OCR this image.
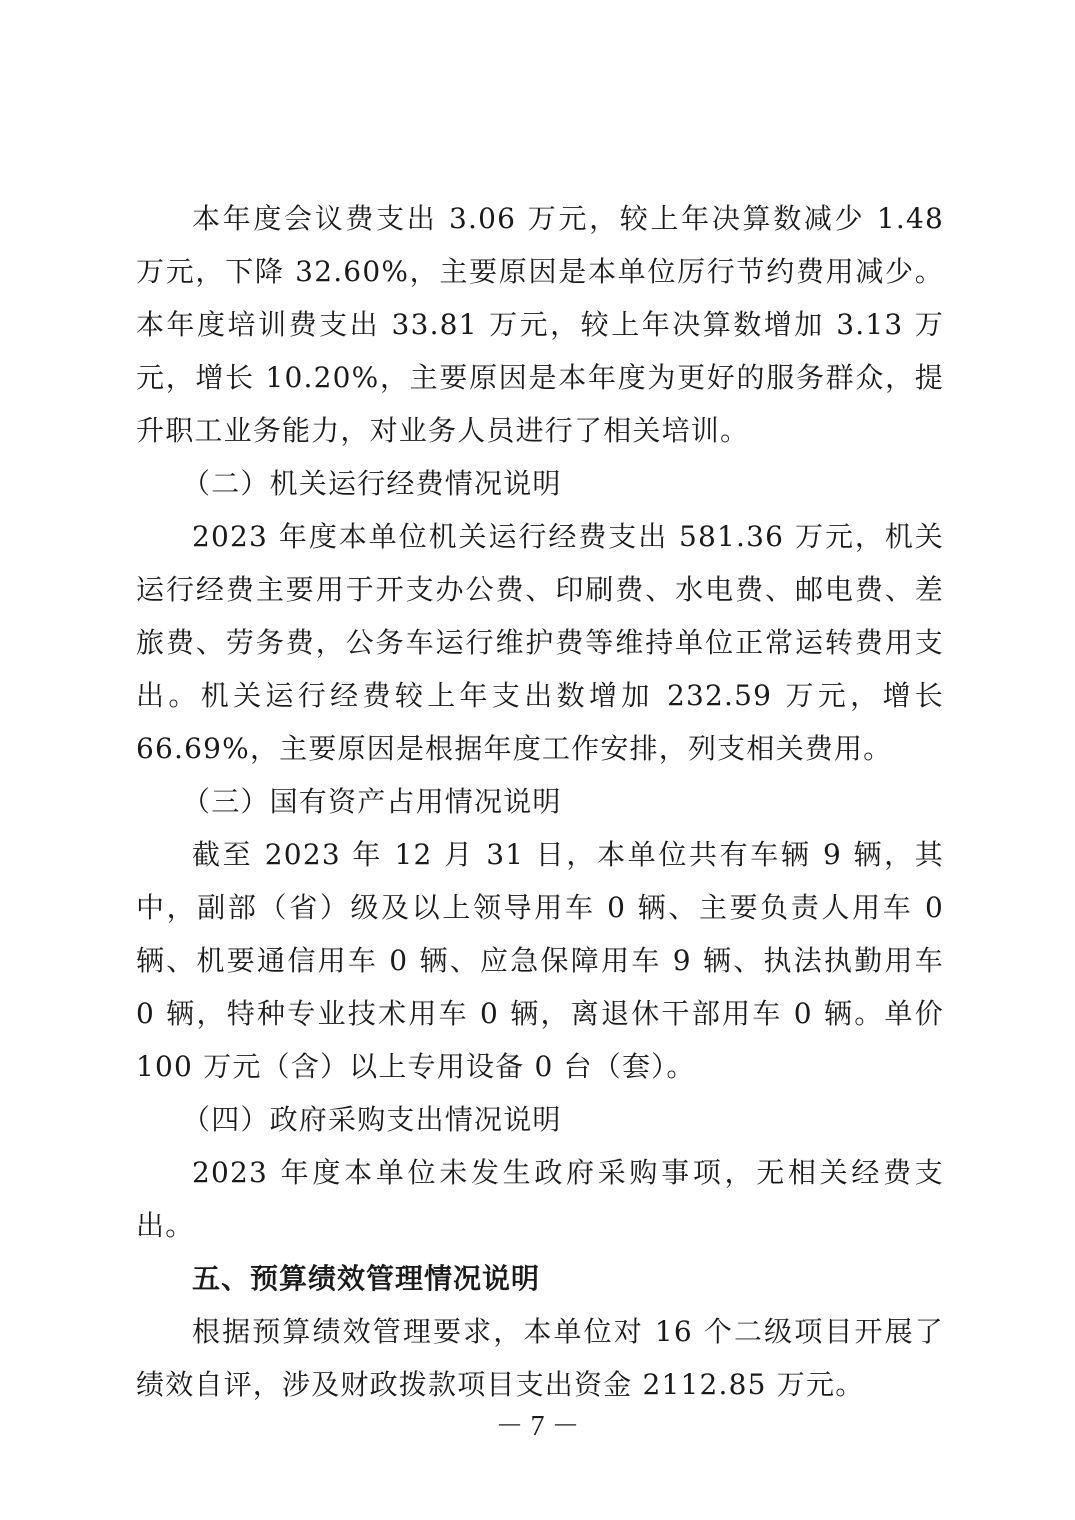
本年度会议费支出 3.06 万元，较上年决算数减少 1.48 万元，下降 32.60%，主要原因是本单位厉行节约费用减少。本年度培训费支出 33.81 万元，较上年决算数增加 3.13 万元，增长 10.20%，主要原因是本年度为更好的服务群众，提升职工业务能力，对业务人员进行了相关培训。

（二）机关运行经费情况说明

2023 年度本单位机关运行经费支出 581.36 万元，机关运行经费主要用于开支办公费、印刷费、水电费、邮电费、差旅费、劳务费，公务车运行维护费等维持单位正常运转费用支出。机关运行经费较上年支出数增加 232.59 万元，增长 66.69%，主要原因是根据年度工作安排，列支相关费用。

（三）国有资产占用情况说明

截至 2023 年 12 月 31 日，本单位共有车辆 9 辆，其中，副部（省）级及以上领导用车 0 辆、主要负责人用车 0 辆、机要通信用车 0 辆、应急保障用车 9 辆、执法执勤用车 0 辆，特种专业技术用车 0 辆，离退休干部用车 0 辆。单价 100 万元（含）以上专用设备 0 台（套）。

（四）政府采购支出情况说明

2023 年度本单位未发生政府采购事项，无相关经费支出。

五、预算绩效管理情况说明

根据预算绩效管理要求，本单位对 16 个二级项目开展了绩效自评，涉及财政拨款项目支出资金 2112.85 万元。

－ 7 －
